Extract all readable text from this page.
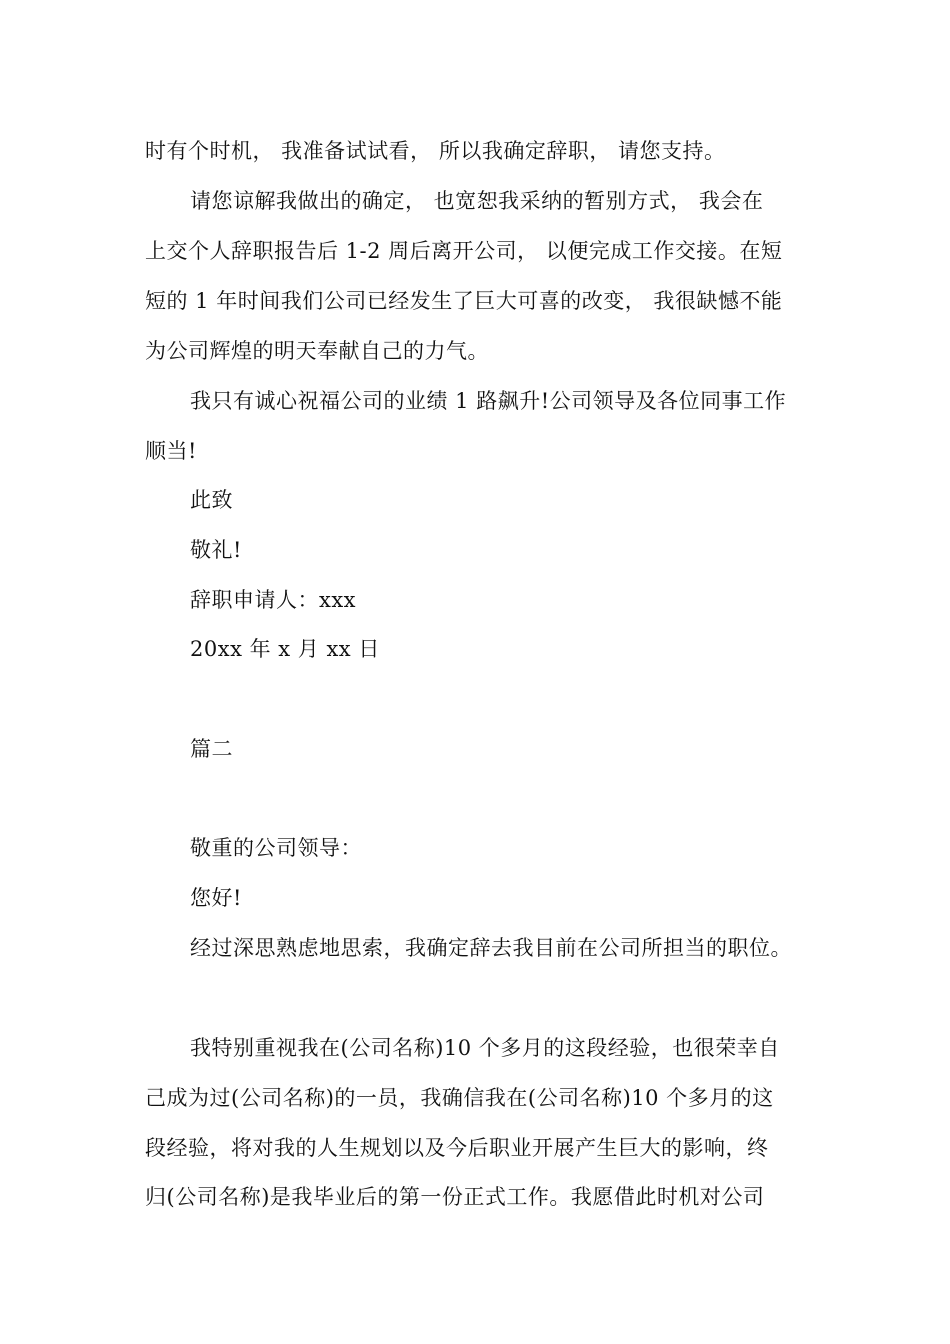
时有个时机， 我准备试试看， 所以我确定辞职， 请您支持。
请您谅解我做出的确定， 也宽恕我采纳的暂别方式， 我会在
上交个人辞职报告后 1-2 周后离开公司， 以便完成工作交接。在短
短的 1 年时间我们公司已经发生了巨大可喜的改变， 我很缺憾不能
为公司辉煌的明天奉献自己的力气。
我只有诚心祝福公司的业绩 1 路飙升!公司领导及各位同事工作
顺当!
此致
敬礼!
辞职申请人：xxx
20xx 年 x 月 xx 日
篇二
敬重的公司领导：
您好!
经过深思熟虑地思索，我确定辞去我目前在公司所担当的职位。
我特别重视我在(公司名称)10 个多月的这段经验，也很荣幸自
己成为过(公司名称)的一员，我确信我在(公司名称)10 个多月的这
段经验，将对我的人生规划以及今后职业开展产生巨大的影响，终
归(公司名称)是我毕业后的第一份正式工作。我愿借此时机对公司
